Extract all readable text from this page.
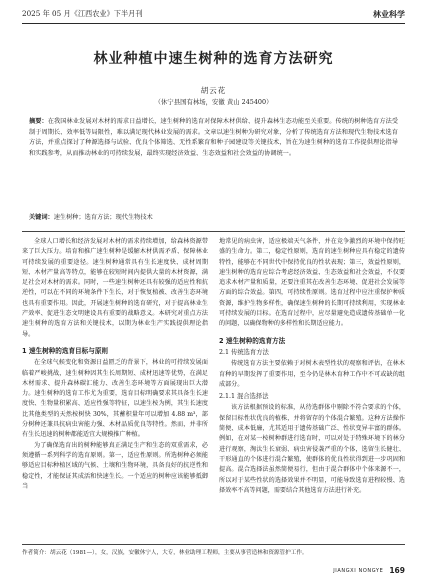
2025 年 05 月《江西农业》下半月刊	林业科学
林业种植中速生树种的选育方法研究
胡云花
（休宁县国有林场，安徽 黄山 245400）
摘要：在我国林业发展对木材的需求日益增长，速生树种的选育对保障木材供给、提升森林生态功能至关重要。传统的树种选育方法受制于周期长、效率低等局限性，难以满足现代林业发展的需求。文章以速生树种为研究对象，分析了传统选育方法和现代生物技术选育方法，并重点探讨了种源选择与试验、优良个体筛选、无性系繁育和种子园建设等关键技术，旨在为速生树种的选育工作提供理论指导和实践参考，从而推动林业的可持续发展，最终实现经济效益、生态效益和社会效益的协调统一。
关键词：速生树种；选育方法；现代生物技术

全球人口增长和经济发展对木材的需求持续增加，给森林资源带来了巨大压力。培育和推广速生树种是缓解木材供需矛盾、保障林业可持续发展的重要途径。速生树种通常具有生长速度快、成材周期短、木材产量高等特点，能够在较短时间内提供大量的木材资源，满足社会对木材的需求。同时，一些速生树种还具有较强的适应性和抗逆性，可以在不同的环境条件下生长，对于恢复植被、改善生态环境也具有重要作用。因此，开展速生树种的选育研究，对于提高林业生产效率、促进生态文明建设具有重要的战略意义。本研究对重点方法速生树种的选育方法和关键技术，以期为林业生产实践提供理论指导。

1 速生树种的选育目标与原则

在全球气候变化和资源日益匮乏的背景下，林业的可持续发展面临着严峻挑战，速生树种因其生长周期短、成材迅速等优势，在满足木材需求、提升森林碳汇能力、改善生态环境等方面展现出巨大潜力。速生树种的选育工作尤为重要，选育目标明确要求其具备生长速度快、生物量积累高、适应性强等特征，以速生桉为例，其生长速度比其他类型的天然桉树快 30%，其蓄积量年可以增加 4.88 m³，部分树种还兼具抗病虫害能力强、木材品质优良等特性。然而，并非所有生长迅速的树种都能适宜大规模推广种植。

为了确保选育出的树种能够真正满足生产和生态的双重需求，必须遵循一系列科学的选育原则。第一，适应性原则。所选树种必须能够适应目标种植区域的气候、土壤和生物环境，具备良好的抗逆性和稳定性，才能保证其成活和快速生长。一个适应的树种应该能够抵御当

地常见的病虫害，适应极端天气条件，并在竞争激烈的环境中保持旺盛的生命力。第二，稳定性原则，选育的速生树种应具有稳定的遗传特性，能够在不同世代中保持优良的性状表现；第三，效益性原则，速生树种的选育应综合考虑经济效益、生态效益和社会效益，不仅要追求木材产量和质量，还要注重其在改善生态环境、促进社会发展等方面的综合效益。第四，可持续性原则。选育过程中应注重保护种质资源，维护生物多样性，确保速生树种的长期可持续利用，实现林业可持续发展的目标。在选育过程中，应尽量避免造成遗传基础单一化的问题，以确保物种的多样性和长期适应能力。

2 速生树种的选育方法
2.1 传统选育方法

传统选育方法主要依赖于对树木表型性状的观察和评估，在林木育种的早期发挥了重要作用，至今仍是林木育种工作中不可或缺的组成部分。

2.1.1 混合选择法

该方法根据预设的标准，从待选群体中剔除不符合要求的个体，保留目标性状优良的植株，并将留存的个体混合繁殖。这种方法操作简便、成本低廉，尤其适用于遗传基础广泛、性状变异丰富的群体。例如，在对某一桉树种群进行选育时，可以对处于特殊环境下的林分进行观察，淘汰生长衰弱、病虫害侵袭严重的个体，选留生长健壮、干形通直的个体进行混合繁殖，使群体的优良性状得到进一步巩固和提高。混合选择法虽然简便易行，但由于混合群体中个体来源不一，所以对于某些性状的选择效果并不明显，可能导致选育进程较慢、选择效率不高等问题，需要结合其他选育方法进行补充。

作者简介：胡云花（1981—），女，汉族，安徽休宁人，大专，林业助理工程师，主要从事营造林和资源管护工作。
JIANGXI NONGYE 169
